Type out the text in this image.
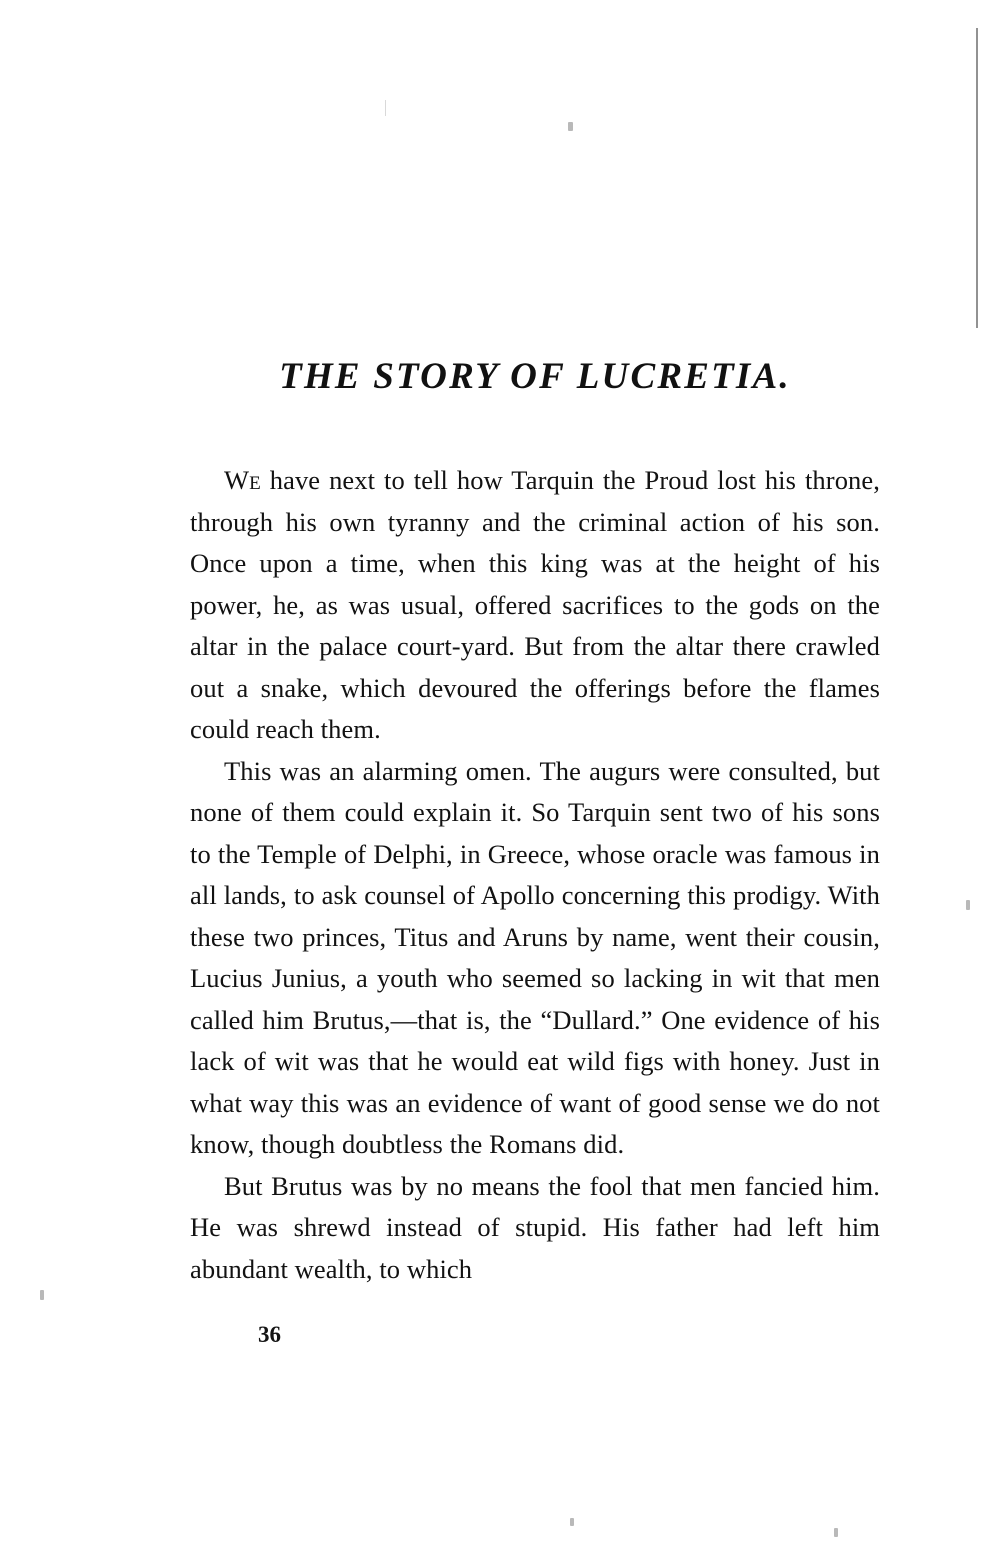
THE STORY OF LUCRETIA.

We have next to tell how Tarquin the Proud lost his throne, through his own tyranny and the criminal action of his son. Once upon a time, when this king was at the height of his power, he, as was usual, offered sacrifices to the gods on the altar in the palace court-yard. But from the altar there crawled out a snake, which devoured the offerings before the flames could reach them.

This was an alarming omen. The augurs were consulted, but none of them could explain it. So Tarquin sent two of his sons to the Temple of Delphi, in Greece, whose oracle was famous in all lands, to ask counsel of Apollo concerning this prodigy. With these two princes, Titus and Aruns by name, went their cousin, Lucius Junius, a youth who seemed so lacking in wit that men called him Brutus,—that is, the “Dullard.” One evidence of his lack of wit was that he would eat wild figs with honey. Just in what way this was an evidence of want of good sense we do not know, though doubtless the Romans did.

But Brutus was by no means the fool that men fancied him. He was shrewd instead of stupid. His father had left him abundant wealth, to which

36
